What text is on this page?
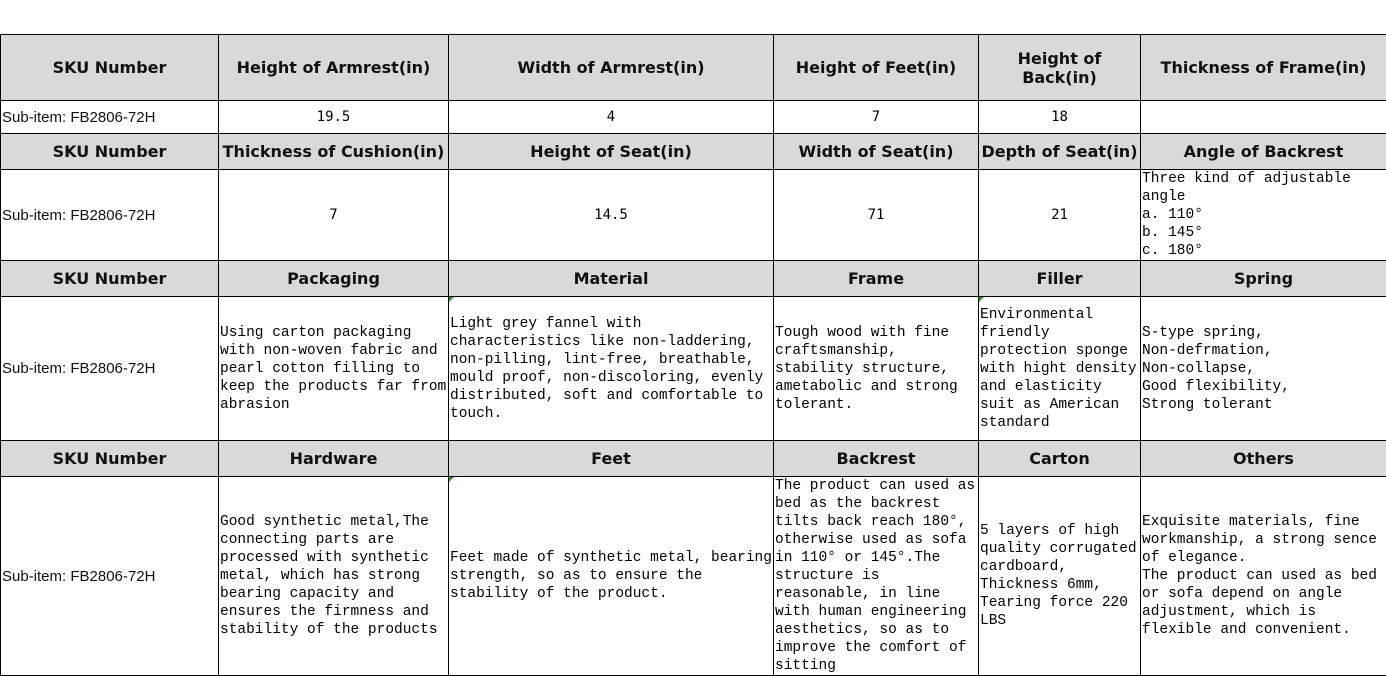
SKU Number	Height of Armrest(in)	Width of Armrest(in)	Height of Feet(in)	Height of Back(in)	Thickness of Frame(in)
Sub-item: FB2806-72H	19.5	4	7	18	
SKU Number	Thickness of Cushion(in)	Height of Seat(in)	Width of Seat(in)	Depth of Seat(in)	Angle of Backrest
Sub-item: FB2806-72H	7	14.5	71	21	Three kind of adjustable angle
a. 110°
b. 145°
c. 180°
SKU Number	Packaging	Material	Frame	Filler	Spring
Sub-item: FB2806-72H	Using carton packaging with non-woven fabric and pearl cotton filling to keep the products far from abrasion	Light grey fannel with characteristics like non-laddering, non-pilling, lint-free, breathable, mould proof, non-discoloring, evenly distributed, soft and comfortable to touch.	Tough wood with fine craftsmanship, stability structure, ametabolic and strong tolerant.	Environmental friendly protection sponge with hight density and elasticity suit as American standard	S-type spring,
Non-defrmation,
Non-collapse,
Good flexibility,
Strong tolerant
SKU Number	Hardware	Feet	Backrest	Carton	Others
Sub-item: FB2806-72H	Good synthetic metal,The connecting parts are processed with synthetic metal, which has strong bearing capacity and ensures the firmness and stability of the products	Feet made of synthetic metal, bearing strength, so as to ensure the stability of the product.	The product can used as bed as the backrest tilts back reach 180°, otherwise used as sofa in 110° or 145°.The structure is reasonable, in line with human engineering aesthetics, so as to improve the comfort of sitting	5 layers of high quality corrugated cardboard, Thickness 6mm, Tearing force 220 LBS	Exquisite materials, fine workmanship, a strong sence of elegance.
The product can used as bed or sofa depend on angle adjustment, which is flexible and convenient.
